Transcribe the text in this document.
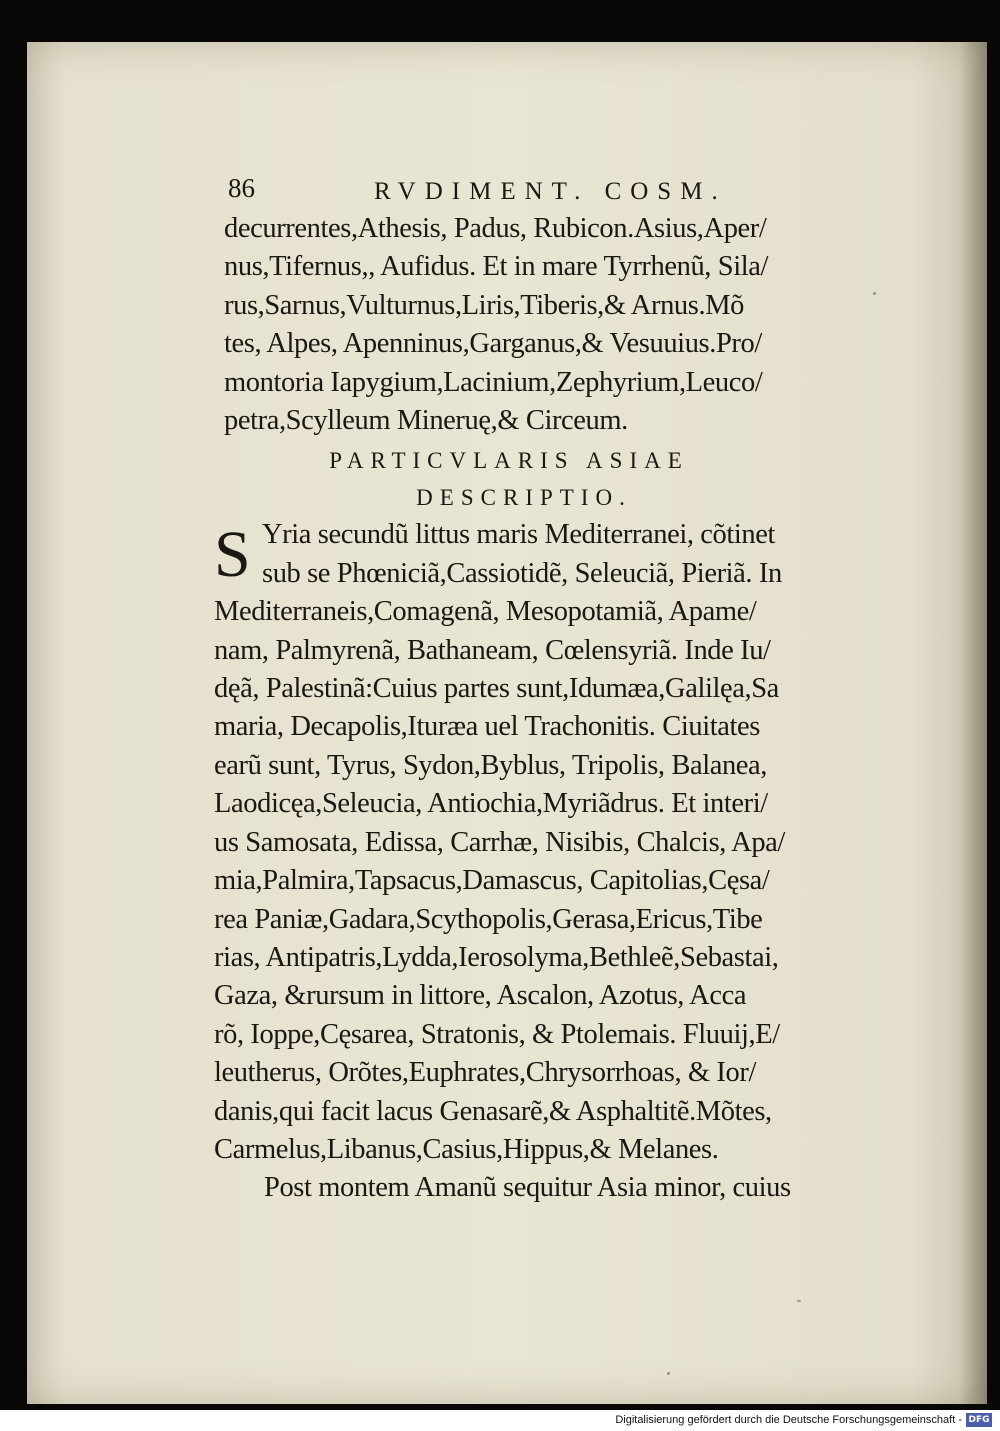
86	RVDIMENT. COSM.
decurrentes,Athesis, Padus, Rubicon.Asius,Aper/
nus,Tifernus,, Aufidus. Et in mare Tyrrhenũ, Sila/
rus,Sarnus,Vulturnus,Liris,Tiberis,& Arnus.Mõ
tes, Alpes, Apenninus,Garganus,& Vesuuius.Pro/
montoria Iapygium,Lacinium,Zephyrium,Leuco/
petra,Scylleum Mineruę,& Circeum.
PARTICVLARIS ASIAE
DESCRIPTIO.
S Yria secundũ littus maris Mediterranei, cõtinet
sub se Phœniciã,Cassiotidẽ, Seleuciã, Pieriã. In
Mediterraneis,Comagenã, Mesopotamiã, Apame/
nam, Palmyrenã, Bathaneam, Cœlensyriã. Inde Iu/
dęã, Palestinã:Cuius partes sunt,Idumæa,Galilęa,Sa
maria, Decapolis,Ituræa uel Trachonitis. Ciuitates
earũ sunt, Tyrus, Sydon,Byblus, Tripolis, Balanea,
Laodicęa,Seleucia, Antiochia,Myriãdrus. Et interi/
us Samosata, Edissa, Carrhæ, Nisibis, Chalcis, Apa/
mia,Palmira,Tapsacus,Damascus, Capitolias,Cęsa/
rea Paniæ,Gadara,Scythopolis,Gerasa,Ericus,Tibe
rias, Antipatris,Lydda,Ierosolyma,Bethleẽ,Sebastai,
Gaza, &rursum in littore, Ascalon, Azotus, Acca
rõ, Ioppe,Cęsarea, Stratonis, & Ptolemais. Fluuij,E/
leutherus, Orõtes,Euphrates,Chrysorrhoas, & Ior/
danis,qui facit lacus Genasarẽ,& Asphaltitẽ.Mõtes,
Carmelus,Libanus,Casius,Hippus,& Melanes.
Post montem Amanũ sequitur Asia minor, cuius
Digitalisierung gefördert durch die Deutsche Forschungsgemeinschaft - DFG
